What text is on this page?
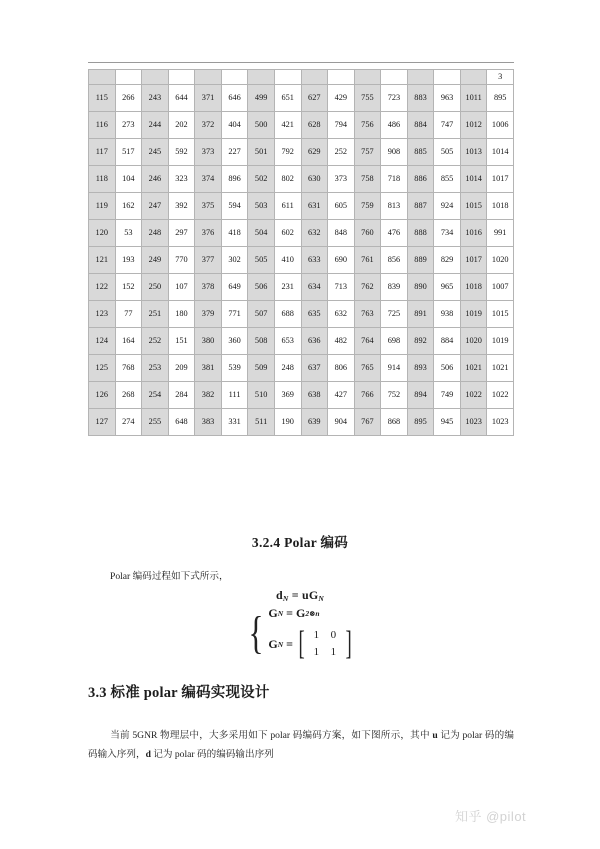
															3
115	266	243	644	371	646	499	651	627	429	755	723	883	963	1011	895
116	273	244	202	372	404	500	421	628	794	756	486	884	747	1012	1006
117	517	245	592	373	227	501	792	629	252	757	908	885	505	1013	1014
118	104	246	323	374	896	502	802	630	373	758	718	886	855	1014	1017
119	162	247	392	375	594	503	611	631	605	759	813	887	924	1015	1018
120	53	248	297	376	418	504	602	632	848	760	476	888	734	1016	991
121	193	249	770	377	302	505	410	633	690	761	856	889	829	1017	1020
122	152	250	107	378	649	506	231	634	713	762	839	890	965	1018	1007
123	77	251	180	379	771	507	688	635	632	763	725	891	938	1019	1015
124	164	252	151	380	360	508	653	636	482	764	698	892	884	1020	1019
125	768	253	209	381	539	509	248	637	806	765	914	893	506	1021	1021
126	268	254	284	382	111	510	369	638	427	766	752	894	749	1022	1022
127	274	255	648	383	331	511	190	639	904	767	868	895	945	1023	1023
3.2.4 Polar 编码
Polar 编码过程如下式所示，
$d_N = uG_N$
{ G N = G 2 ⊗n
G N = [ 1	0
1	1 ]
3.3 标准 polar 编码实现设计
当前 5GNR 物理层中，大多采用如下 polar 码编码方案，如下图所示，其中 u 记为 polar 码的编码输入序列，d 记为 polar 码的编码输出序列
知乎 @pilot
